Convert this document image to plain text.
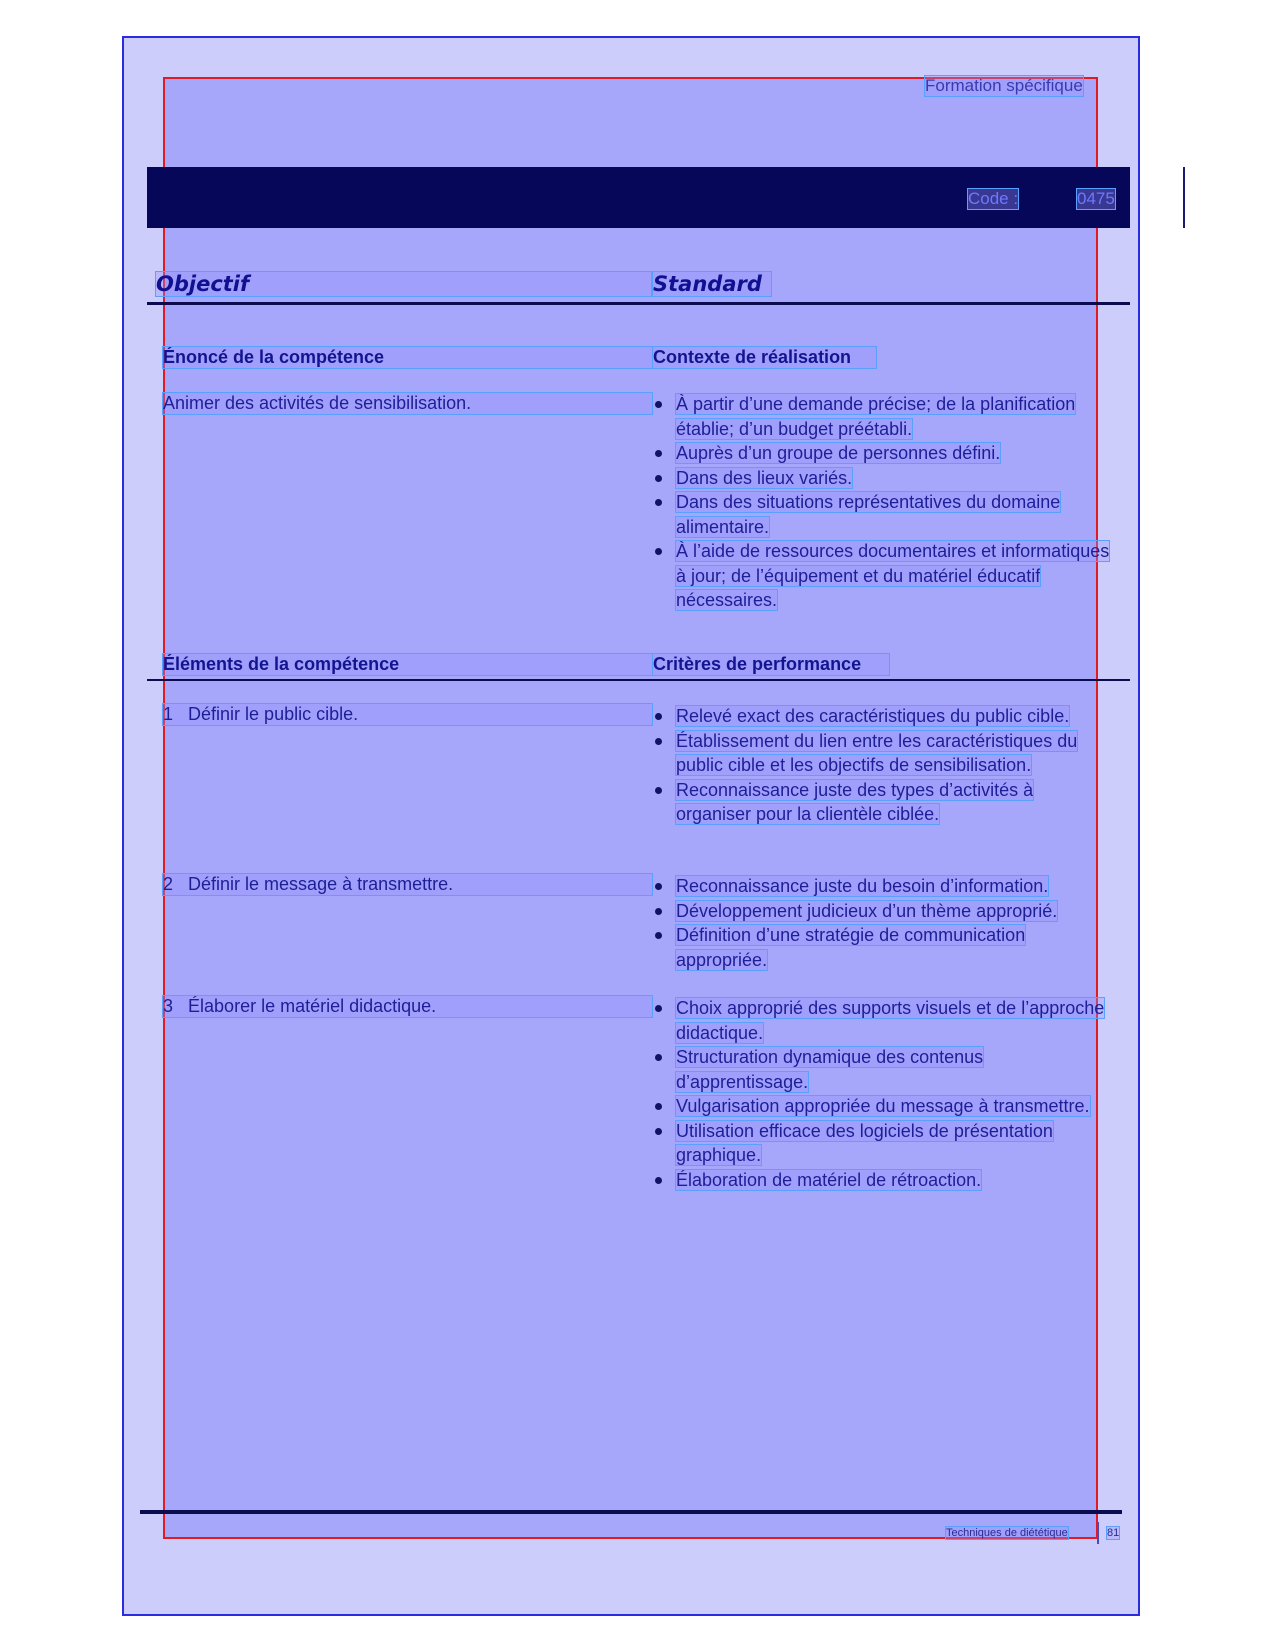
Formation spécifique
Code :	0475
Objectif	Standard
Énoncé de la compétence	Contexte de réalisation
Animer des activités de sensibilisation.	À partir d’une demande précise; de la planification établie; d’un budget préétabli.
Auprès d’un groupe de personnes défini.
Dans des lieux variés.
Dans des situations représentatives du domaine alimentaire.
À l’aide de ressources documentaires et informatiques à jour; de l’équipement et du matériel éducatif nécessaires.
Éléments de la compétence	Critères de performance
1 Définir le public cible.	Relevé exact des caractéristiques du public cible.
Établissement du lien entre les caractéristiques du public cible et les objectifs de sensibilisation.
Reconnaissance juste des types d’activités à organiser pour la clientèle ciblée.
2 Définir le message à transmettre.	Reconnaissance juste du besoin d’information.
Développement judicieux d’un thème approprié.
Définition d’une stratégie de communication appropriée.
3 Élaborer le matériel didactique.	Choix approprié des supports visuels et de l’approche didactique.
Structuration dynamique des contenus d’apprentissage.
Vulgarisation appropriée du message à transmettre.
Utilisation efficace des logiciels de présentation graphique.
Élaboration de matériel de rétroaction.
Techniques de diététique	81
